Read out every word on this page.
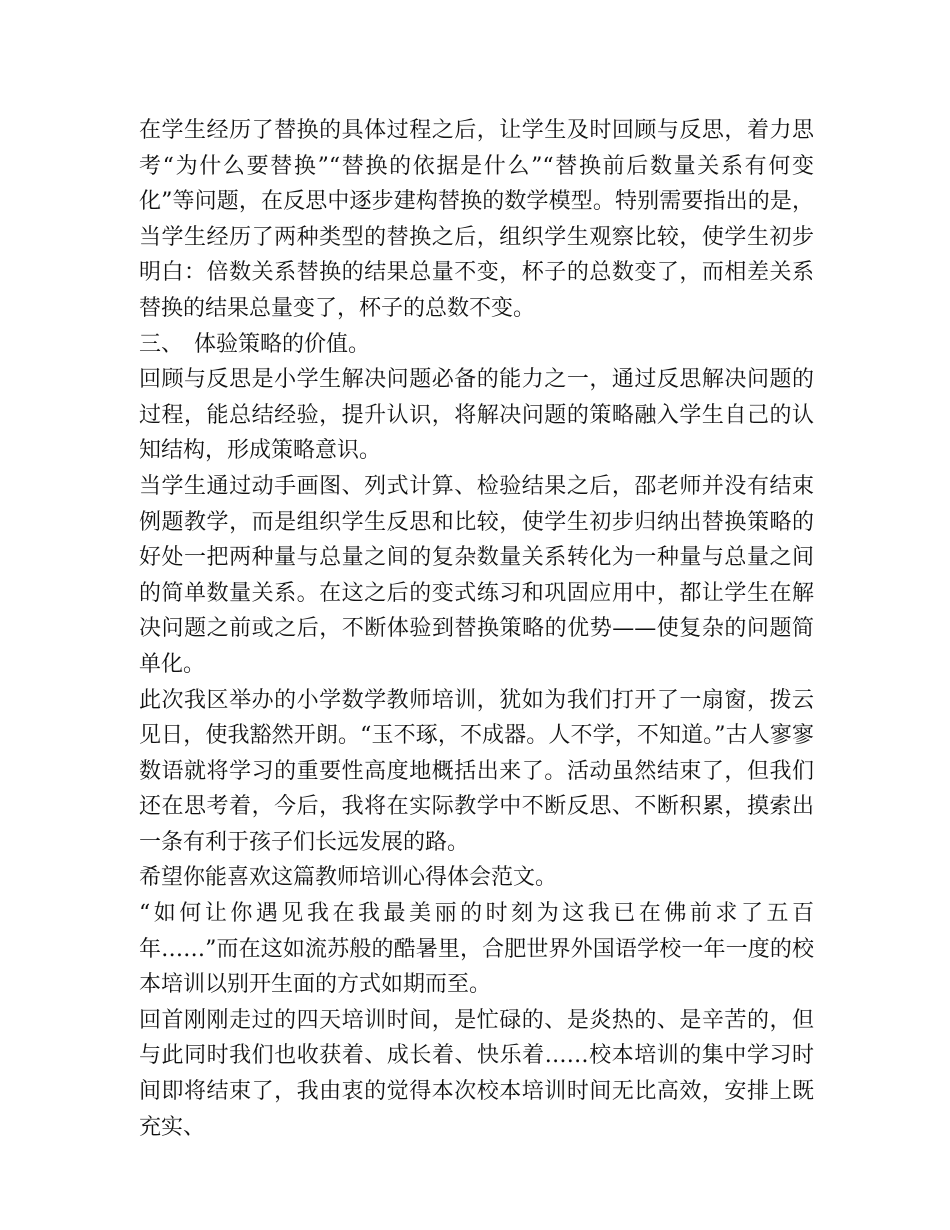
在学生经历了替换的具体过程之后，让学生及时回顾与反思，着力思考“为什么要替换”“替换的依据是什么”“替换前后数量关系有何变化”等问题，在反思中逐步建构替换的数学模型。特别需要指出的是，当学生经历了两种类型的替换之后，组织学生观察比较，使学生初步明白：倍数关系替换的结果总量不变，杯子的总数变了，而相差关系替换的结果总量变了，杯子的总数不变。

三、 体验策略的价值。

回顾与反思是小学生解决问题必备的能力之一，通过反思解决问题的过程，能总结经验，提升认识，将解决问题的策略融入学生自己的认知结构，形成策略意识。

当学生通过动手画图、列式计算、检验结果之后，邵老师并没有结束例题教学，而是组织学生反思和比较，使学生初步归纳出替换策略的好处一把两种量与总量之间的复杂数量关系转化为一种量与总量之间的简单数量关系。在这之后的变式练习和巩固应用中，都让学生在解决问题之前或之后，不断体验到替换策略的优势——使复杂的问题简单化。

此次我区举办的小学数学教师培训，犹如为我们打开了一扇窗，拨云见日，使我豁然开朗。“玉不琢，不成器。人不学，不知道。”古人寥寥数语就将学习的重要性高度地概括出来了。活动虽然结束了，但我们还在思考着，今后，我将在实际教学中不断反思、不断积累，摸索出一条有利于孩子们长远发展的路。

希望你能喜欢这篇教师培训心得体会范文。

“如何让你遇见我在我最美丽的时刻为这我已在佛前求了五百年……”而在这如流苏般的酷暑里，合肥世界外国语学校一年一度的校本培训以别开生面的方式如期而至。

回首刚刚走过的四天培训时间，是忙碌的、是炎热的、是辛苦的，但与此同时我们也收获着、成长着、快乐着……校本培训的集中学习时间即将结束了，我由衷的觉得本次校本培训时间无比高效，安排上既充实、
